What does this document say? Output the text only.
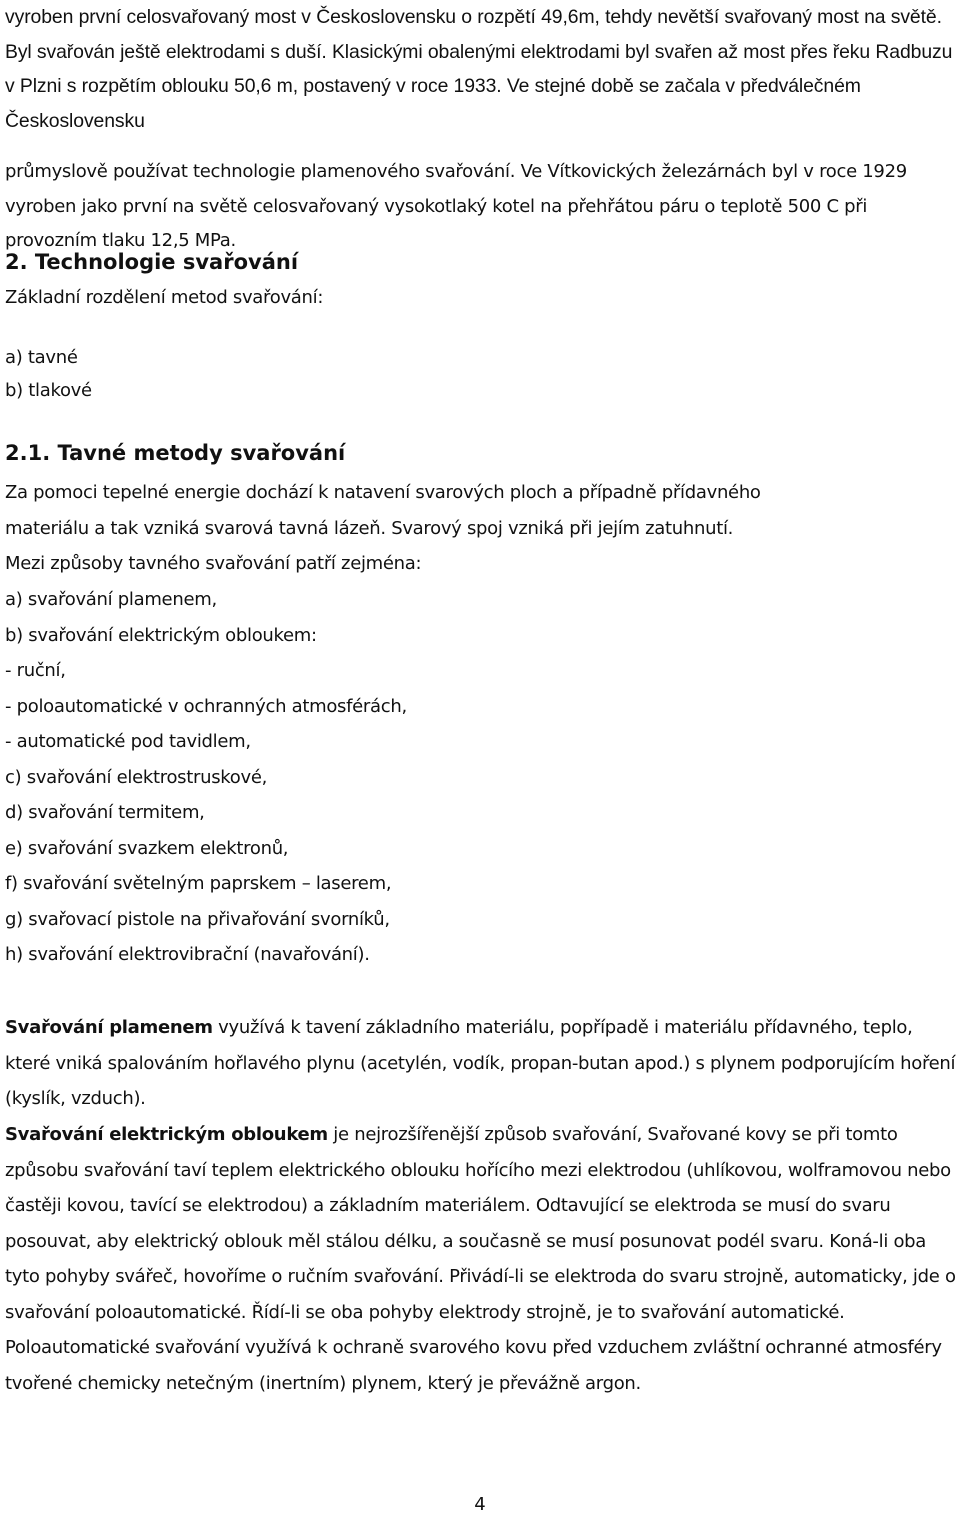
vyroben první celosvařovaný most v Československu o rozpětí 49,6m, tehdy nevětší svařovaný most na světě. Byl svařován ještě elektrodami s duší. Klasickými obalenými elektrodami byl svařen až most přes řeku Radbuzu v Plzni s rozpětím oblouku 50,6 m, postavený v roce 1933. Ve stejné době se začala v předválečném Československu

průmyslově používat technologie plamenového svařování. Ve Vítkovických železárnách byl v roce 1929 vyroben jako první na světě celosvařovaný vysokotlaký kotel na přehřátou páru o teplotě 500 C při provozním tlaku 12,5 MPa.

2. Technologie svařování

Základní rozdělení metod svařování:

a) tavné

b) tlakové

2.1. Tavné metody svařování

Za pomoci tepelné energie dochází k natavení svarových ploch a případně přídavného

materiálu a tak vzniká svarová tavná lázeň. Svarový spoj vzniká při jejím zatuhnutí.

Mezi způsoby tavného svařování patří zejména:

a) svařování plamenem,

b) svařování elektrickým obloukem:

- ruční,

- poloautomatické v ochranných atmosférách,

- automatické pod tavidlem,

c) svařování elektrostruskové,

d) svařování termitem,

e) svařování svazkem elektronů,

f) svařování světelným paprskem – laserem,

g) svařovací pistole na přivařování svorníků,

h) svařování elektrovibrační (navařování).

Svařování plamenem využívá k tavení základního materiálu, popřípadě i materiálu přídavného, teplo, které vniká spalováním hořlavého plynu (acetylén, vodík, propan-butan apod.) s plynem podporujícím hoření (kyslík, vzduch).

Svařování elektrickým obloukem je nejrozšířenější způsob svařování, Svařované kovy se při tomto způsobu svařování taví teplem elektrického oblouku hořícího mezi elektrodou (uhlíkovou, wolframovou nebo častěji kovou, tavící se elektrodou) a základním materiálem. Odtavující se elektroda se musí do svaru posouvat, aby elektrický oblouk měl stálou délku, a současně se musí posunovat podél svaru. Koná-li oba tyto pohyby svářeč, hovoříme o ručním svařování. Přivádí-li se elektroda do svaru strojně, automaticky, jde o svařování poloautomatické. Řídí-li se oba pohyby elektrody strojně, je to svařování automatické. Poloautomatické svařování využívá k ochraně svarového kovu před vzduchem zvláštní ochranné atmosféry tvořené chemicky netečným (inertním) plynem, který je převážně argon.

4
